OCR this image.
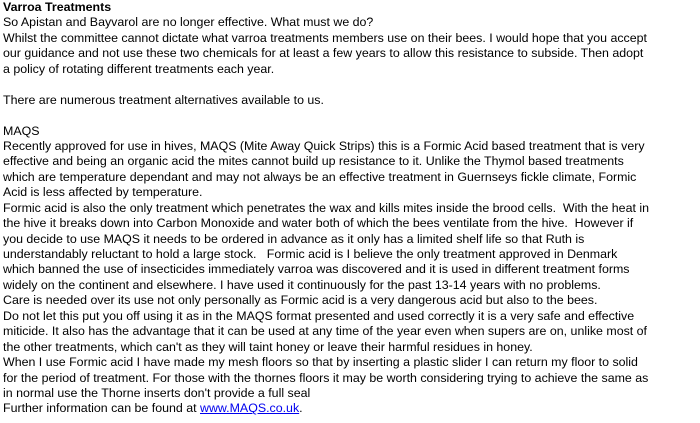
Varroa Treatments
So Apistan and Bayvarol are no longer effective. What must we do?
Whilst the committee cannot dictate what varroa treatments members use on their bees. I would hope that you accept
our guidance and not use these two chemicals for at least a few years to allow this resistance to subside. Then adopt
a policy of rotating different treatments each year.
There are numerous treatment alternatives available to us.
MAQS
Recently approved for use in hives, MAQS (Mite Away Quick Strips) this is a Formic Acid based treatment that is very
effective and being an organic acid the mites cannot build up resistance to it. Unlike the Thymol based treatments
which are temperature dependant and may not always be an effective treatment in Guernseys fickle climate, Formic
Acid is less affected by temperature.
Formic acid is also the only treatment which penetrates the wax and kills mites inside the brood cells.  With the heat in
the hive it breaks down into Carbon Monoxide and water both of which the bees ventilate from the hive.  However if
you decide to use MAQS it needs to be ordered in advance as it only has a limited shelf life so that Ruth is
understandably reluctant to hold a large stock.   Formic acid is I believe the only treatment approved in Denmark
which banned the use of insecticides immediately varroa was discovered and it is used in different treatment forms
widely on the continent and elsewhere. I have used it continuously for the past 13-14 years with no problems.
Care is needed over its use not only personally as Formic acid is a very dangerous acid but also to the bees.
Do not let this put you off using it as in the MAQS format presented and used correctly it is a very safe and effective
miticide. It also has the advantage that it can be used at any time of the year even when supers are on, unlike most of
the other treatments, which can't as they will taint honey or leave their harmful residues in honey.
When I use Formic acid I have made my mesh floors so that by inserting a plastic slider I can return my floor to solid
for the period of treatment. For those with the thornes floors it may be worth considering trying to achieve the same as
in normal use the Thorne inserts don't provide a full seal
Further information can be found at www.MAQS.co.uk.
